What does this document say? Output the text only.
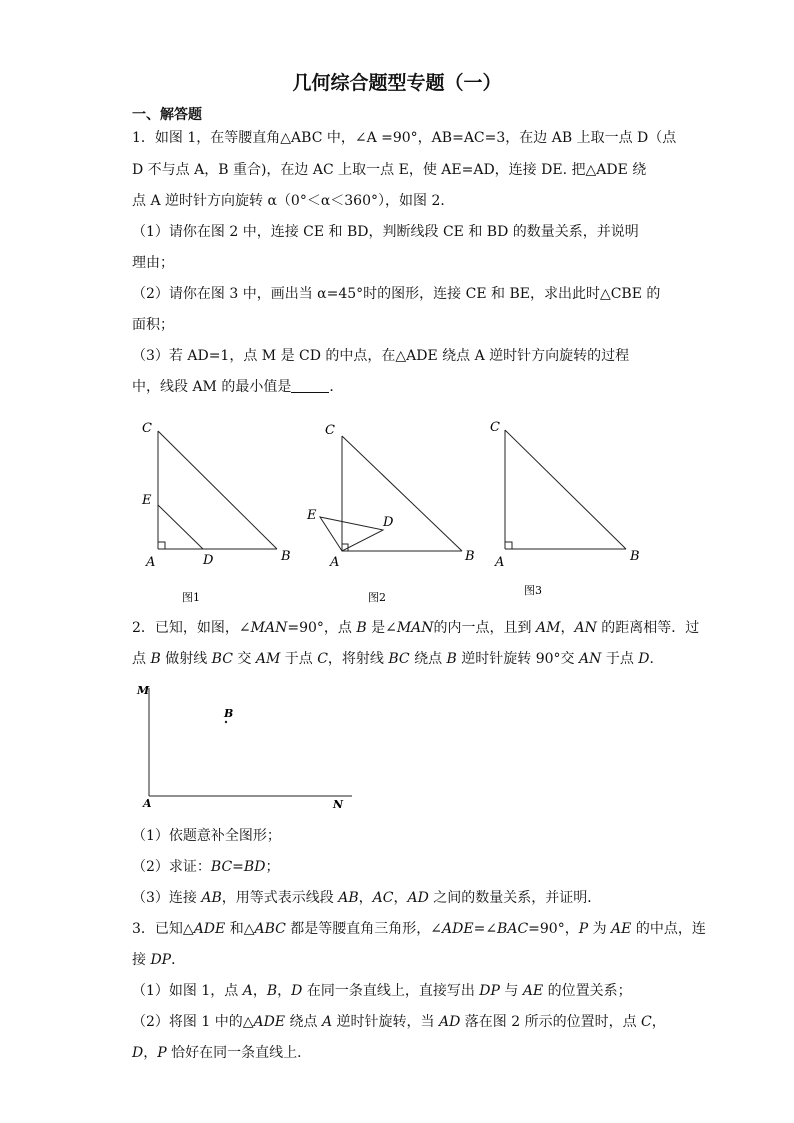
几何综合题型专题（一）
一、解答题
1．如图 1，在等腰直角△ABC 中，∠A =90°，AB=AC=3，在边 AB 上取一点 D（点
D 不与点 A，B 重合)，在边 AC 上取一点 E，使 AE=AD，连接 DE. 把△ADE 绕
点 A 逆时针方向旋转 α（0°＜α＜360°），如图 2．
（1）请你在图 2 中，连接 CE 和 BD，判断线段 CE 和 BD 的数量关系，并说明
理由；
（2）请你在图 3 中，画出当 α=45°时的图形，连接 CE 和 BE，求出此时△CBE 的
面积；
（3）若 AD=1，点 M 是 CD 的中点，在△ADE 绕点 A 逆时针方向旋转的过程
中，线段 AM 的最小值是	．
C
E
A	D	B
图1
C
E	D
A	B
图2
C
A	B
图3
2．已知，如图，∠MAN=90°，点 B 是∠MAN的内一点，且到 AM，AN 的距离相等．过
点 B 做射线 BC 交 AM 于点 C，将射线 BC 绕点 B 逆时针旋转 90°交 AN 于点 D．
M
B
A	N
（1）依题意补全图形；
（2）求证：BC=BD；
（3）连接 AB，用等式表示线段 AB，AC，AD 之间的数量关系，并证明．
3．已知△ADE 和△ABC 都是等腰直角三角形，∠ADE=∠BAC=90°，P 为 AE 的中点，连
接 DP．
（1）如图 1，点 A，B，D 在同一条直线上，直接写出 DP 与 AE 的位置关系；
（2）将图 1 中的△ADE 绕点 A 逆时针旋转，当 AD 落在图 2 所示的位置时，点 C，
D，P 恰好在同一条直线上．
